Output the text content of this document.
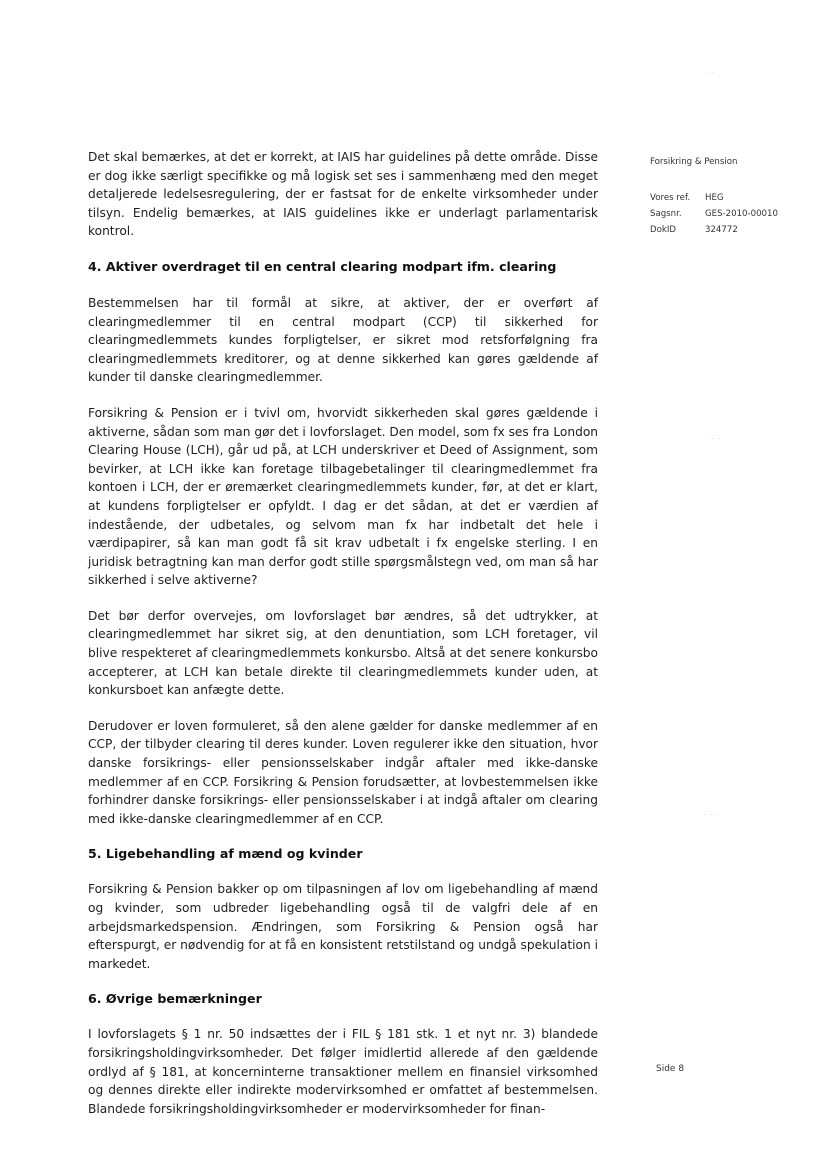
Det skal bemærkes, at det er korrekt, at IAIS har guidelines på dette område. Disse er dog ikke særligt specifikke og må logisk set ses i sammenhæng med den meget detaljerede ledelsesregulering, der er fastsat for de enkelte virksomheder under tilsyn. Endelig bemærkes, at IAIS guidelines ikke er underlagt parlamentarisk kontrol.

4. Aktiver overdraget til en central clearing modpart ifm. clearing

Bestemmelsen har til formål at sikre, at aktiver, der er overført af clearingmedlemmer til en central modpart (CCP) til sikkerhed for clearingmedlemmets kundes forpligtelser, er sikret mod retsforfølgning fra clearingmedlemmets kreditorer, og at denne sikkerhed kan gøres gældende af kunder til danske clearingmedlemmer.

Forsikring & Pension er i tvivl om, hvorvidt sikkerheden skal gøres gældende i aktiverne, sådan som man gør det i lovforslaget. Den model, som fx ses fra London Clearing House (LCH), går ud på, at LCH underskriver et Deed of Assignment, som bevirker, at LCH ikke kan foretage tilbagebetalinger til clearingmedlemmet fra kontoen i LCH, der er øremærket clearingmedlemmets kunder, før, at det er klart, at kundens forpligtelser er opfyldt. I dag er det sådan, at det er værdien af indestående, der udbetales, og selvom man fx har indbetalt det hele i værdipapirer, så kan man godt få sit krav udbetalt i fx engelske sterling. I en juridisk betragtning kan man derfor godt stille spørgsmålstegn ved, om man så har sikkerhed i selve aktiverne?

Det bør derfor overvejes, om lovforslaget bør ændres, så det udtrykker, at clearingmedlemmet har sikret sig, at den denuntiation, som LCH foretager, vil blive respekteret af clearingmedlemmets konkursbo. Altså at det senere konkursbo accepterer, at LCH kan betale direkte til clearingmedlemmets kunder uden, at konkursboet kan anfægte dette.

Derudover er loven formuleret, så den alene gælder for danske medlemmer af en CCP, der tilbyder clearing til deres kunder. Loven regulerer ikke den situation, hvor danske forsikrings- eller pensionsselskaber indgår aftaler med ikke-danske medlemmer af en CCP. Forsikring & Pension forudsætter, at lovbestemmelsen ikke forhindrer danske forsikrings- eller pensionsselskaber i at indgå aftaler om clearing med ikke-danske clearingmedlemmer af en CCP.

5. Ligebehandling af mænd og kvinder

Forsikring & Pension bakker op om tilpasningen af lov om ligebehandling af mænd og kvinder, som udbreder ligebehandling også til de valgfri dele af en arbejdsmarkedspension. Ændringen, som Forsikring & Pension også har efterspurgt, er nødvendig for at få en konsistent retstilstand og undgå spekulation i markedet.

6. Øvrige bemærkninger

I lovforslagets § 1 nr. 50 indsættes der i FIL § 181 stk. 1 et nyt nr. 3) blandede forsikringsholdingvirksomheder. Det følger imidlertid allerede af den gældende ordlyd af § 181, at koncerninterne transaktioner mellem en finansiel virksomhed og dennes direkte eller indirekte modervirksomhed er omfattet af bestemmelsen. Blandede forsikringsholdingvirksomheder er modervirksomheder for finan-

Forsikring & Pension
Vores ref.	HEG
Sagsnr.	GES-2010-00010
DokID	324772
Side 8
· ·
· · ·
· · ·
